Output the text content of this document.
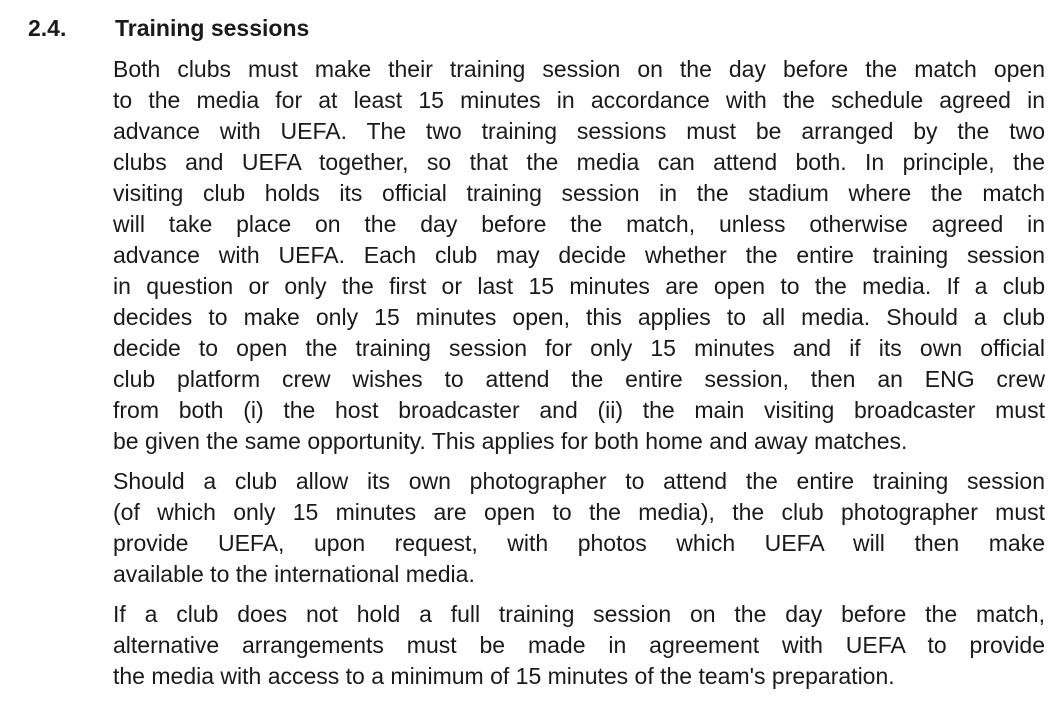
2.4. Training sessions

Both clubs must make their training session on the day before the match open
to the media for at least 15 minutes in accordance with the schedule agreed in
advance with UEFA. The two training sessions must be arranged by the two
clubs and UEFA together, so that the media can attend both. In principle, the
visiting club holds its official training session in the stadium where the match
will take place on the day before the match, unless otherwise agreed in
advance with UEFA. Each club may decide whether the entire training session
in question or only the first or last 15 minutes are open to the media. If a club
decides to make only 15 minutes open, this applies to all media. Should a club
decide to open the training session for only 15 minutes and if its own official
club platform crew wishes to attend the entire session, then an ENG crew
from both (i) the host broadcaster and (ii) the main visiting broadcaster must
be given the same opportunity. This applies for both home and away matches.

Should a club allow its own photographer to attend the entire training session
(of which only 15 minutes are open to the media), the club photographer must
provide UEFA, upon request, with photos which UEFA will then make
available to the international media.

If a club does not hold a full training session on the day before the match,
alternative arrangements must be made in agreement with UEFA to provide
the media with access to a minimum of 15 minutes of the team's preparation.
